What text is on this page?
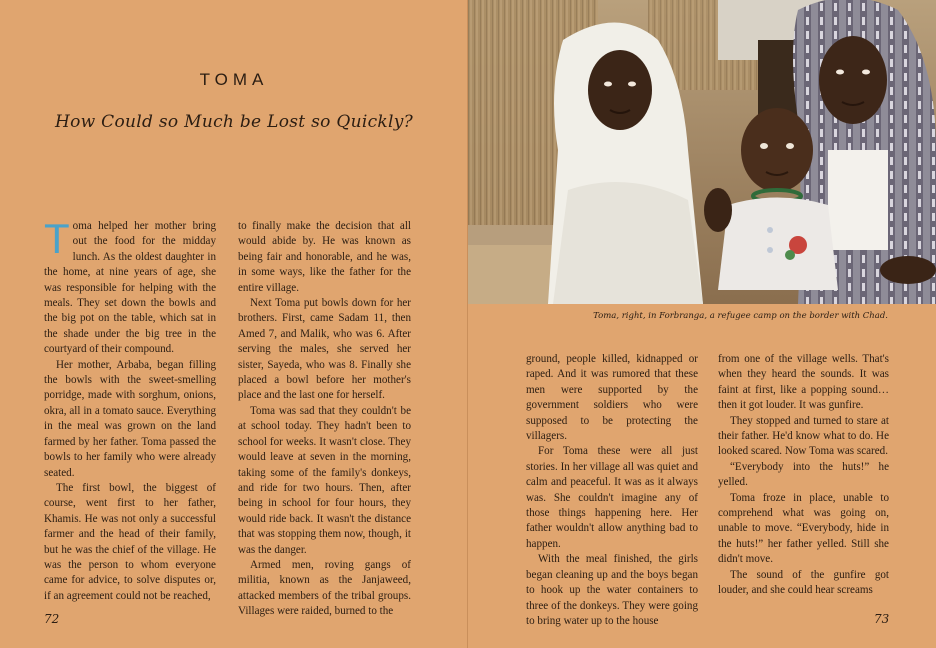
TOMA
How Could so Much be Lost so Quickly?

Toma helped her mother bring out the food for the midday lunch. As the oldest daughter in the home, at nine years of age, she was responsible for helping with the meals. They set down the bowls and the big pot on the table, which sat in the shade under the big tree in the courtyard of their compound.

Her mother, Arbaba, began filling the bowls with the sweet-smelling porridge, made with sorghum, onions, okra, all in a tomato sauce. Everything in the meal was grown on the land farmed by her father. Toma passed the bowls to her family who were already seated.

The first bowl, the biggest of course, went first to her father, Khamis. He was not only a successful farmer and the head of their family, but he was the chief of the village. He was the person to whom everyone came for advice, to solve disputes or, if an agreement could not be reached,

to finally make the decision that all would abide by. He was known as being fair and honorable, and he was, in some ways, like the father for the entire village.

Next Toma put bowls down for her brothers. First, came Sadam 11, then Amed 7, and Malik, who was 6. After serving the males, she served her sister, Sayeda, who was 8. Finally she placed a bowl before her mother's place and the last one for herself.

Toma was sad that they couldn't be at school today. They hadn't been to school for weeks. It wasn't close. They would leave at seven in the morning, taking some of the family's donkeys, and ride for two hours. Then, after being in school for four hours, they would ride back. It wasn't the distance that was stopping them now, though, it was the danger.

Armed men, roving gangs of militia, known as the Janjaweed, attacked members of the tribal groups. Villages were raided, burned to the

72
Toma, right, in Forbranga, a refugee camp on the border with Chad.

ground, people killed, kidnapped or raped. And it was rumored that these men were supported by the government soldiers who were supposed to be protecting the villagers.

For Toma these were all just stories. In her village all was quiet and calm and peaceful. It was as it always was. She couldn't imagine any of those things happening here. Her father wouldn't allow anything bad to happen.

With the meal finished, the girls began cleaning up and the boys began to hook up the water containers to three of the donkeys. They were going to bring water up to the house

from one of the village wells. That's when they heard the sounds. It was faint at first, like a popping sound… then it got louder. It was gunfire.

They stopped and turned to stare at their father. He'd know what to do. He looked scared. Now Toma was scared.

“Everybody into the huts!” he yelled.

Toma froze in place, unable to comprehend what was going on, unable to move. “Everybody, hide in the huts!” her father yelled. Still she didn't move.

The sound of the gunfire got louder, and she could hear screams

73
